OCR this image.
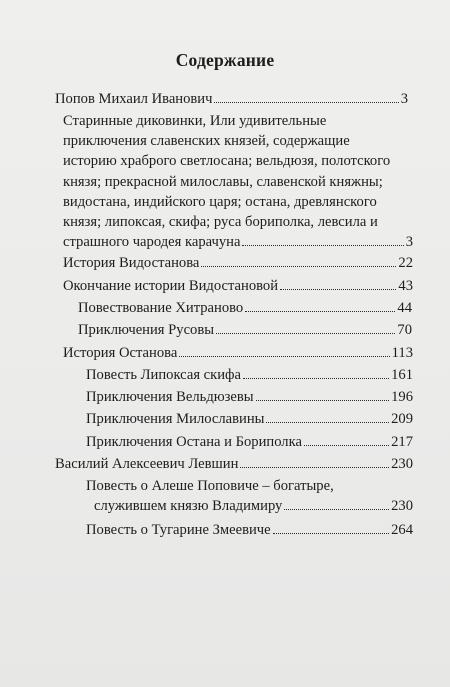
Содержание
Попов Михаил Иванович	3
Старинные диковинки, Или удивительные
приключения славенских князей, содержащие
историю храброго светлосана; вельдюзя, полотского
князя; прекрасной милославы, славенской княжны;
видостана, индийского царя; остана, древлянского
князя; липоксая, скифа; руса бориполка, левсила и
страшного чародея карачуна	3
История Видостанова	22
Окончание истории Видостановой	43
Повествование Хитраново	44
Приключения Русовы	70
История Останова	113
Повесть Липоксая скифа	161
Приключения Вельдюзевы	196
Приключения Милославины	209
Приключения Остана и Бориполка	217
Василий Алексеевич Левшин	230
Повесть о Алеше Поповиче – богатыре,
служившем князю Владимиру	230
Повесть о Тугарине Змеевиче	264
